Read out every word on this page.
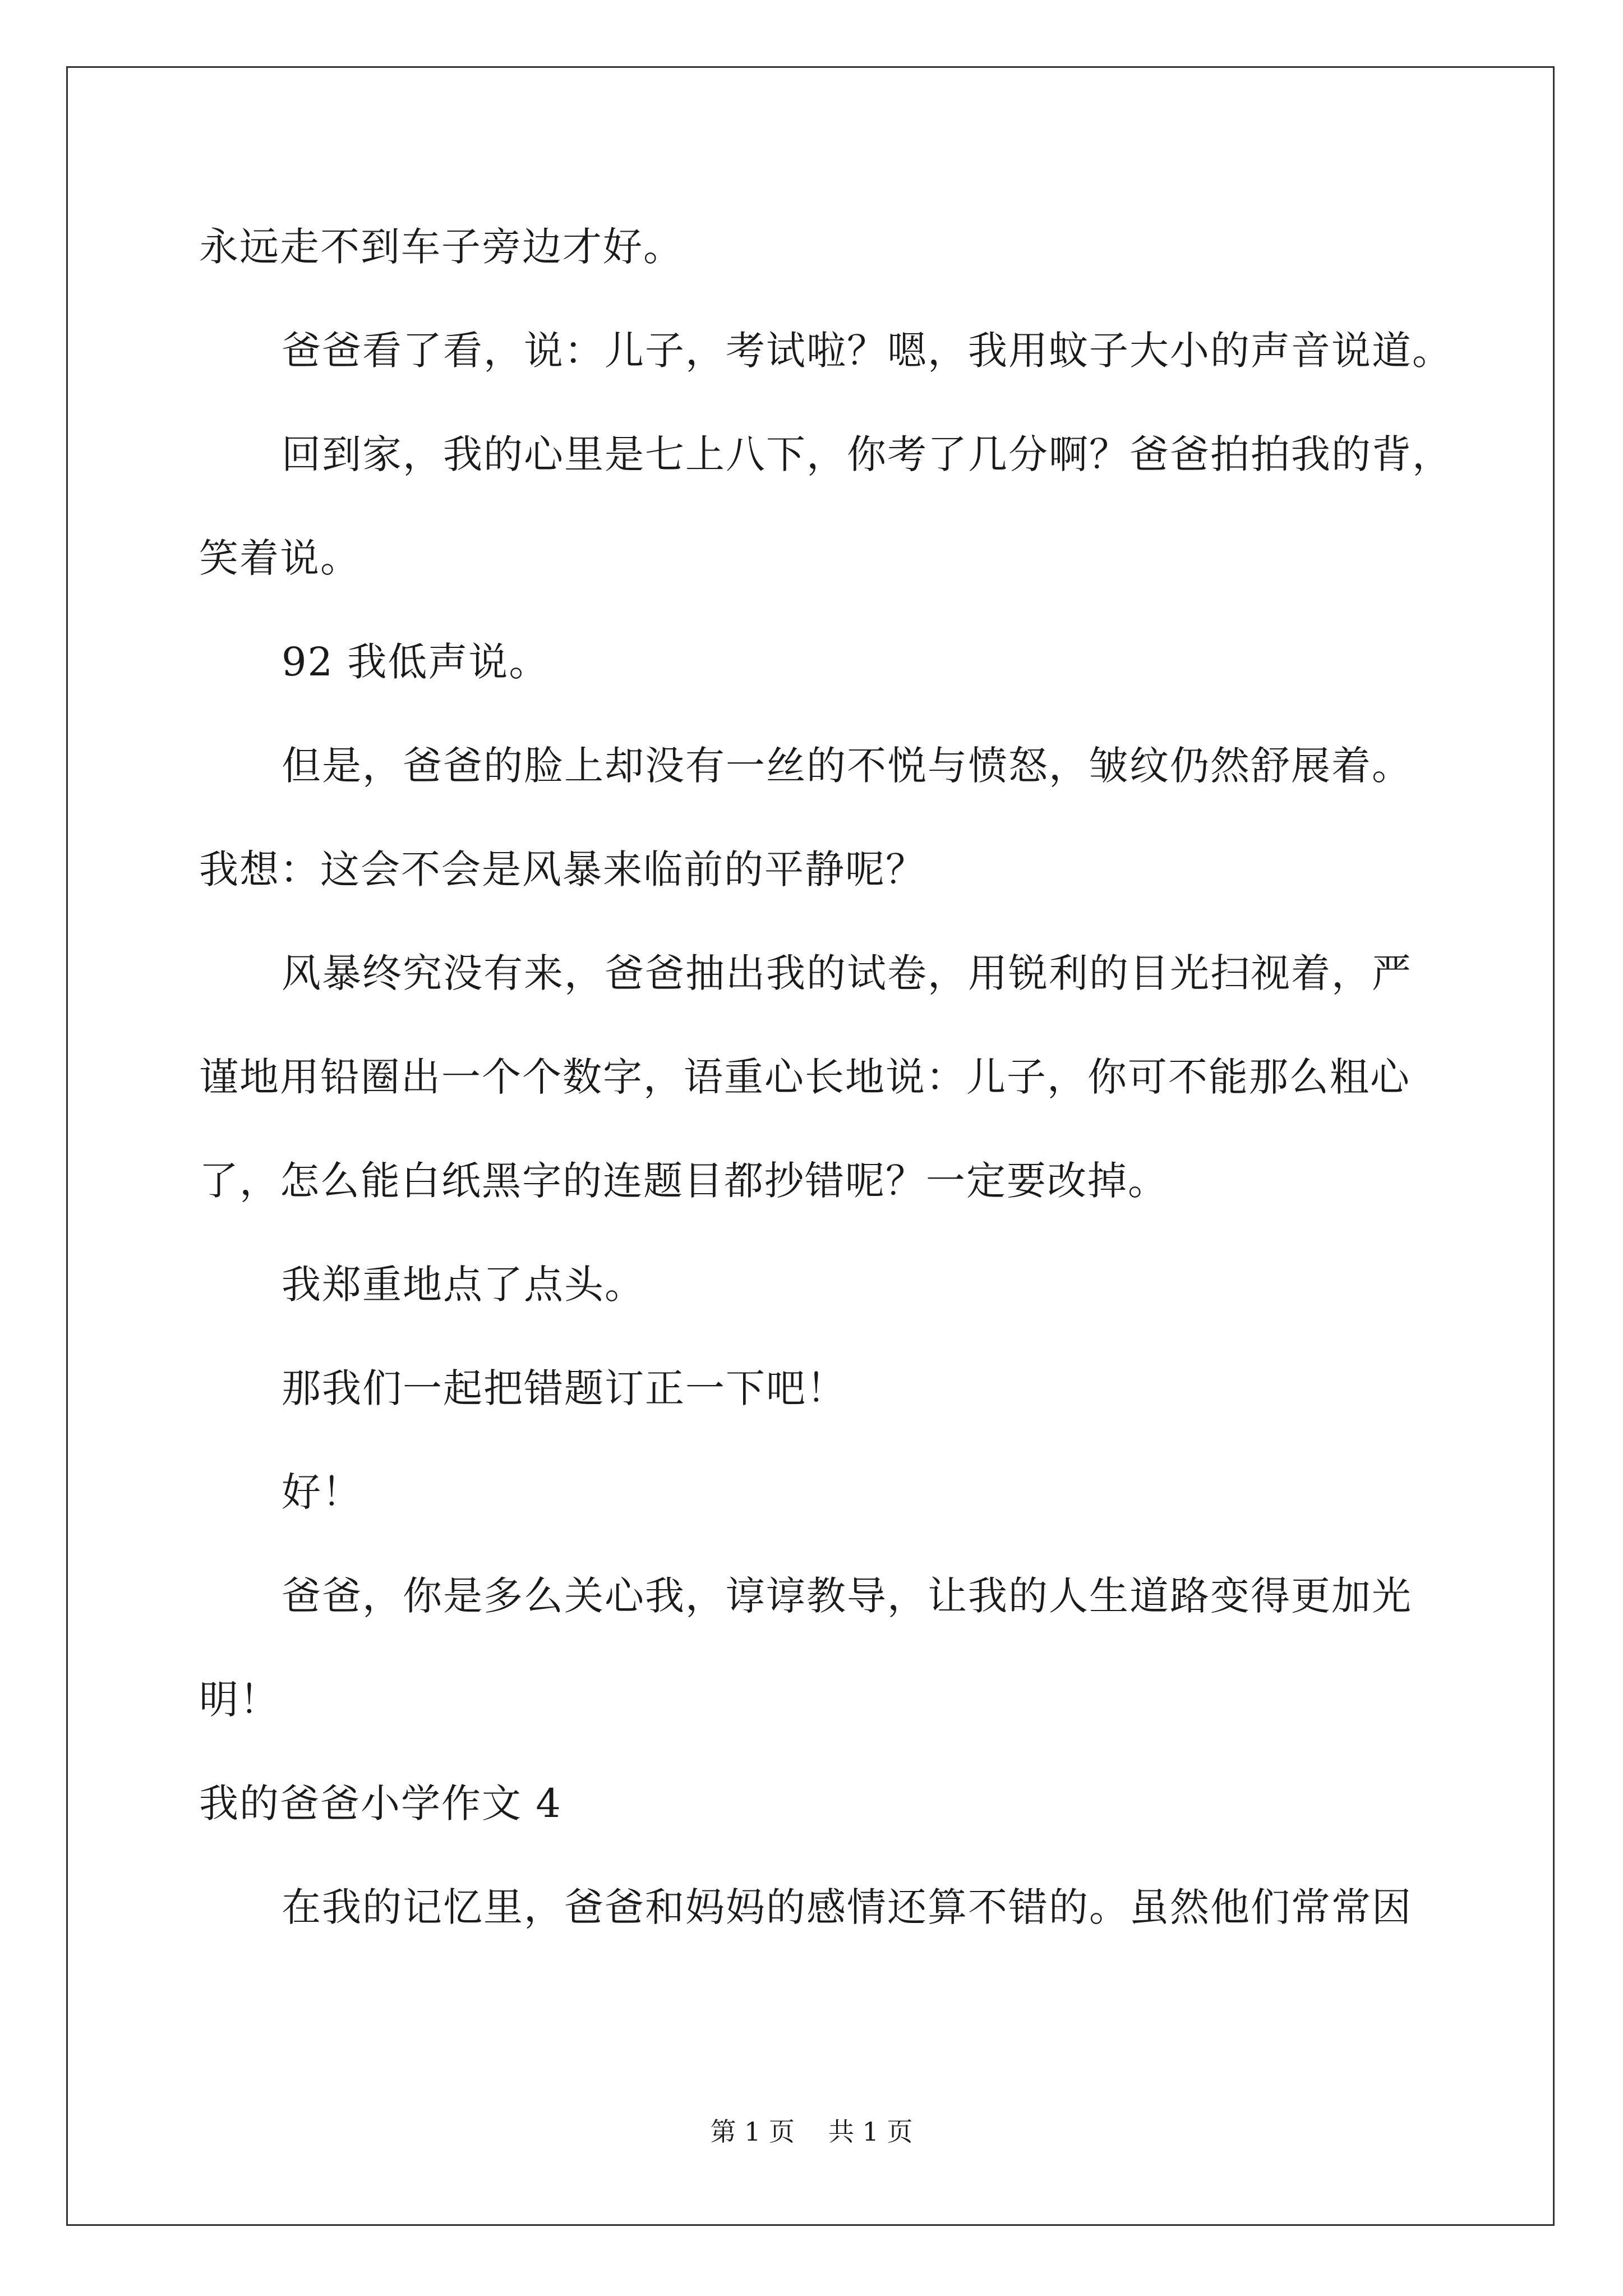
永远走不到车子旁边才好。
爸爸看了看，说：儿子，考试啦？嗯，我用蚊子大小的声音说道。
回到家，我的心里是七上八下，你考了几分啊？爸爸拍拍我的背，
笑着说。
92 我低声说。
但是，爸爸的脸上却没有一丝的不悦与愤怒，皱纹仍然舒展着。
我想：这会不会是风暴来临前的平静呢？
风暴终究没有来，爸爸抽出我的试卷，用锐利的目光扫视着，严
谨地用铅圈出一个个数字，语重心长地说：儿子，你可不能那么粗心
了，怎么能白纸黑字的连题目都抄错呢？一定要改掉。
我郑重地点了点头。
那我们一起把错题订正一下吧！
好！
爸爸，你是多么关心我，谆谆教导，让我的人生道路变得更加光
明！
我的爸爸小学作文 4
在我的记忆里，爸爸和妈妈的感情还算不错的。虽然他们常常因
第 1 页 共 1 页
